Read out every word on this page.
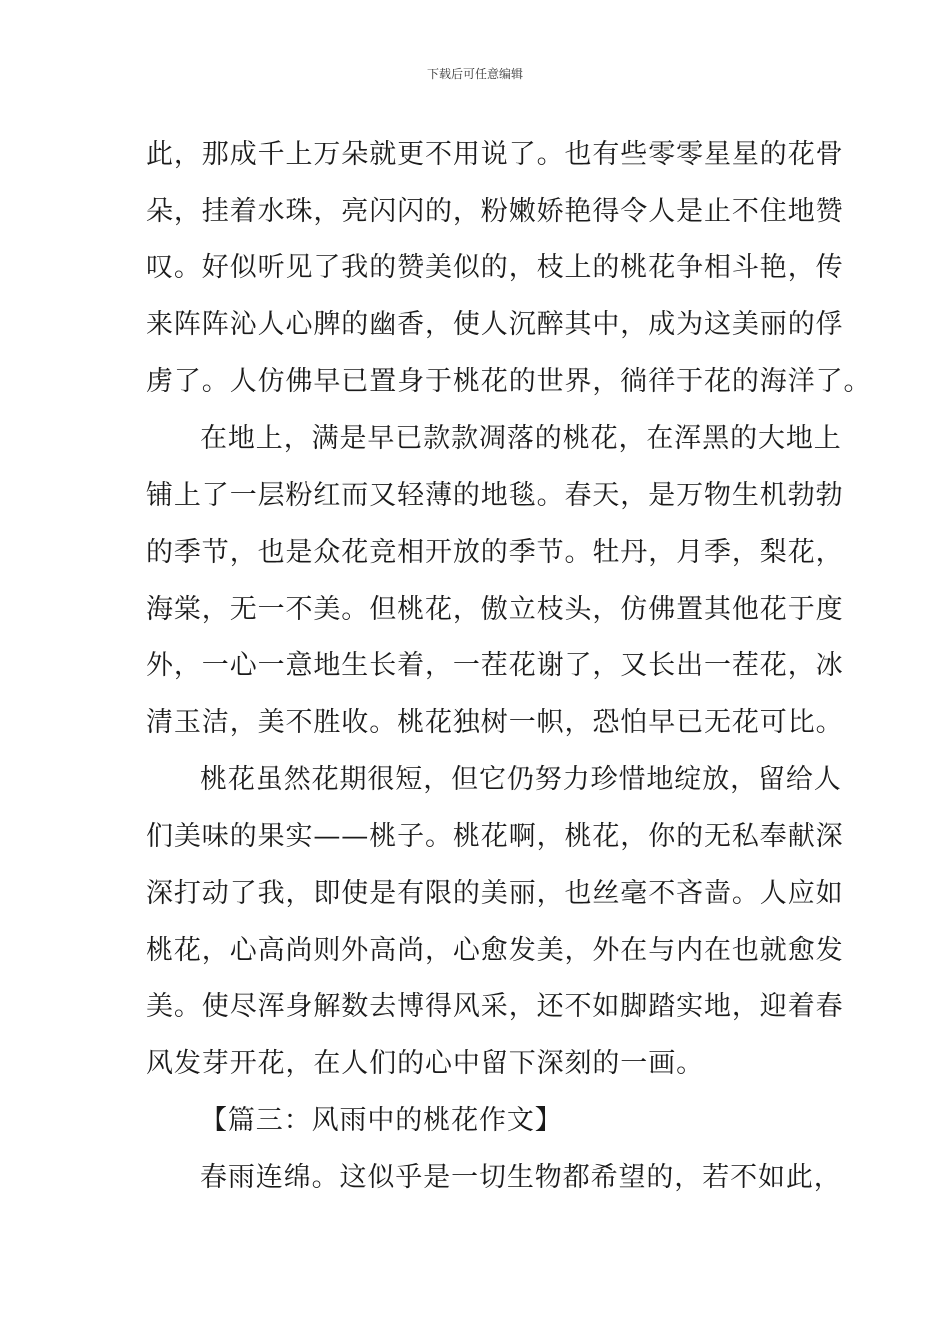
下载后可任意编辑
此，那成千上万朵就更不用说了。也有些零零星星的花骨
朵，挂着水珠，亮闪闪的，粉嫩娇艳得令人是止不住地赞
叹。好似听见了我的赞美似的，枝上的桃花争相斗艳，传
来阵阵沁人心脾的幽香，使人沉醉其中，成为这美丽的俘
虏了。人仿佛早已置身于桃花的世界，徜徉于花的海洋了。
在地上，满是早已款款凋落的桃花，在浑黑的大地上
铺上了一层粉红而又轻薄的地毯。春天，是万物生机勃勃
的季节，也是众花竞相开放的季节。牡丹，月季，梨花，
海棠，无一不美。但桃花，傲立枝头，仿佛置其他花于度
外，一心一意地生长着，一茬花谢了，又长出一茬花，冰
清玉洁，美不胜收。桃花独树一帜，恐怕早已无花可比。
桃花虽然花期很短，但它仍努力珍惜地绽放，留给人
们美味的果实——桃子。桃花啊，桃花，你的无私奉献深
深打动了我，即使是有限的美丽，也丝毫不吝啬。人应如
桃花，心高尚则外高尚，心愈发美，外在与内在也就愈发
美。使尽浑身解数去博得风采，还不如脚踏实地，迎着春
风发芽开花，在人们的心中留下深刻的一画。
【篇三：风雨中的桃花作文】
春雨连绵。这似乎是一切生物都希望的，若不如此，
